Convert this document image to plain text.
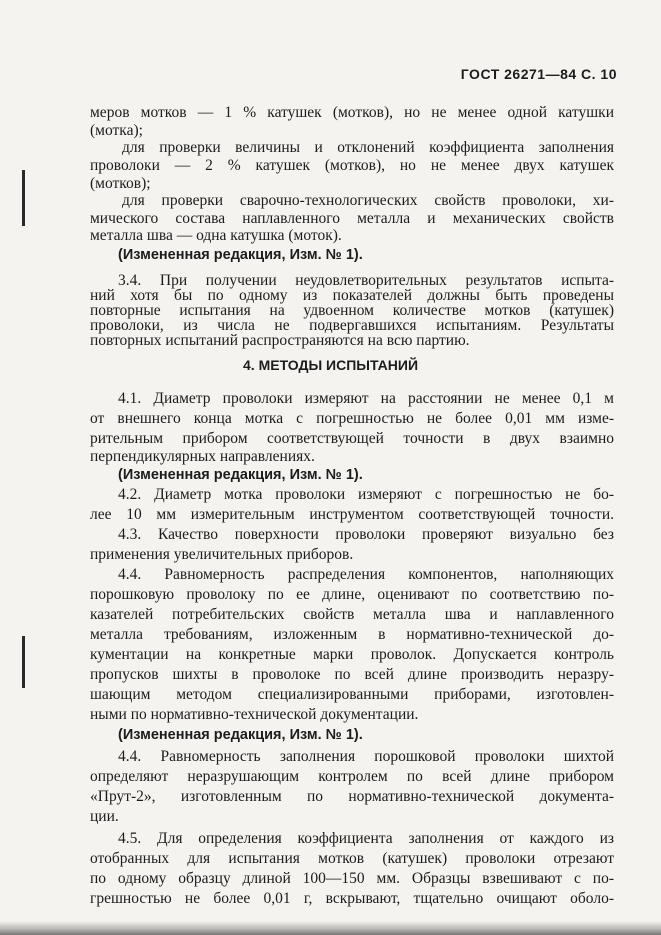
ГОСТ 26271—84 С. 10
меров мотков — 1 % катушек (мотков), но не менее одной катушки
(мотка);
для проверки величины и отклонений коэффициента заполнения
проволоки — 2 % катушек (мотков), но не менее двух катушек
(мотков);
для проверки сварочно-технологических свойств проволоки, хи-
мического состава наплавленного металла и механических свойств
металла шва — одна катушка (моток).
(Измененная редакция, Изм. № 1).
3.4. При получении неудовлетворительных результатов испыта-
ний хотя бы по одному из показателей должны быть проведены
повторные испытания на удвоенном количестве мотков (катушек)
проволоки, из числа не подвергавшихся испытаниям. Результаты
4. МЕТОДЫ ИСПЫТАНИЙ
4.1. Диаметр проволоки измеряют на расстоянии не менее 0,1 м
от внешнего конца мотка с погрешностью не более 0,01 мм изме-
рительным прибором соответствующей точности в двух взаимно
перпендикулярных направлениях.
(Измененная редакция, Изм. № 1).
4.2. Диаметр мотка проволоки измеряют с погрешностью не бо-
лее 10 мм измерительным инструментом соответствующей точности.
4.3. Качество поверхности проволоки проверяют визуально без
применения увеличительных приборов.
4.4. Равномерность распределения компонентов, наполняющих
порошковую проволоку по ее длине, оценивают по соответствию по-
казателей потребительских свойств металла шва и наплавленного
металла требованиям, изложенным в нормативно-технической до-
кументации на конкретные марки проволок. Допускается контроль
пропусков шихты в проволоке по всей длине производить неразру-
шающим методом специализированными приборами, изготовлен-
ными по нормативно-технической документации.
(Измененная редакция, Изм. № 1).
4.4. Равномерность заполнения порошковой проволоки шихтой
определяют неразрушающим контролем по всей длине прибором
«Прут-2», изготовленным по нормативно-технической документа-
ции.
4.5. Для определения коэффициента заполнения от каждого из
отобранных для испытания мотков (катушек) проволоки отрезают
по одному образцу длиной 100—150 мм. Образцы взвешивают с по-
грешностью не более 0,01 г, вскрывают, тщательно очищают оболо-
повторных испытаний распространяются на всю партию.
